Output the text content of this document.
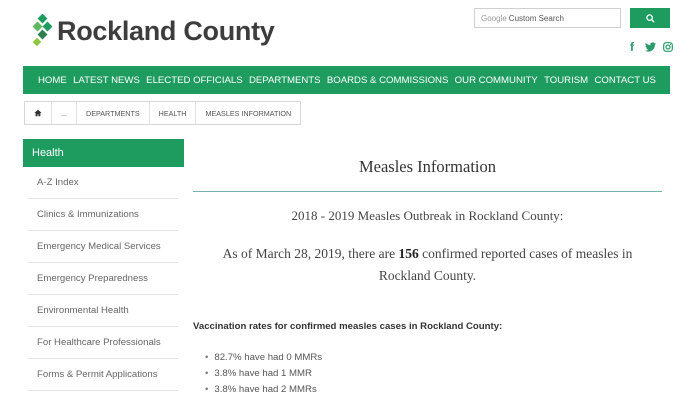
Rockland County	Google Custom Search
f
HOME LATEST NEWS ELECTED OFFICIALS DEPARTMENTS BOARDS & COMMISSIONS OUR COMMUNITY TOURISM CONTACT US
...	DEPARTMENTS	HEALTH	MEASLES INFORMATION
Health
A-Z Index
Clinics & Immunizations
Emergency Medical Services
Emergency Preparedness
Environmental Health
For Healthcare Professionals
Forms & Permit Applications
Measles Information
2018 - 2019 Measles Outbreak in Rockland County:
As of March 28, 2019, there are 156 confirmed reported cases of measles in Rockland County.
Vaccination rates for confirmed measles cases in Rockland County:
• 82.7% have had 0 MMRs
• 3.8% have had 1 MMR
• 3.8% have had 2 MMRs
